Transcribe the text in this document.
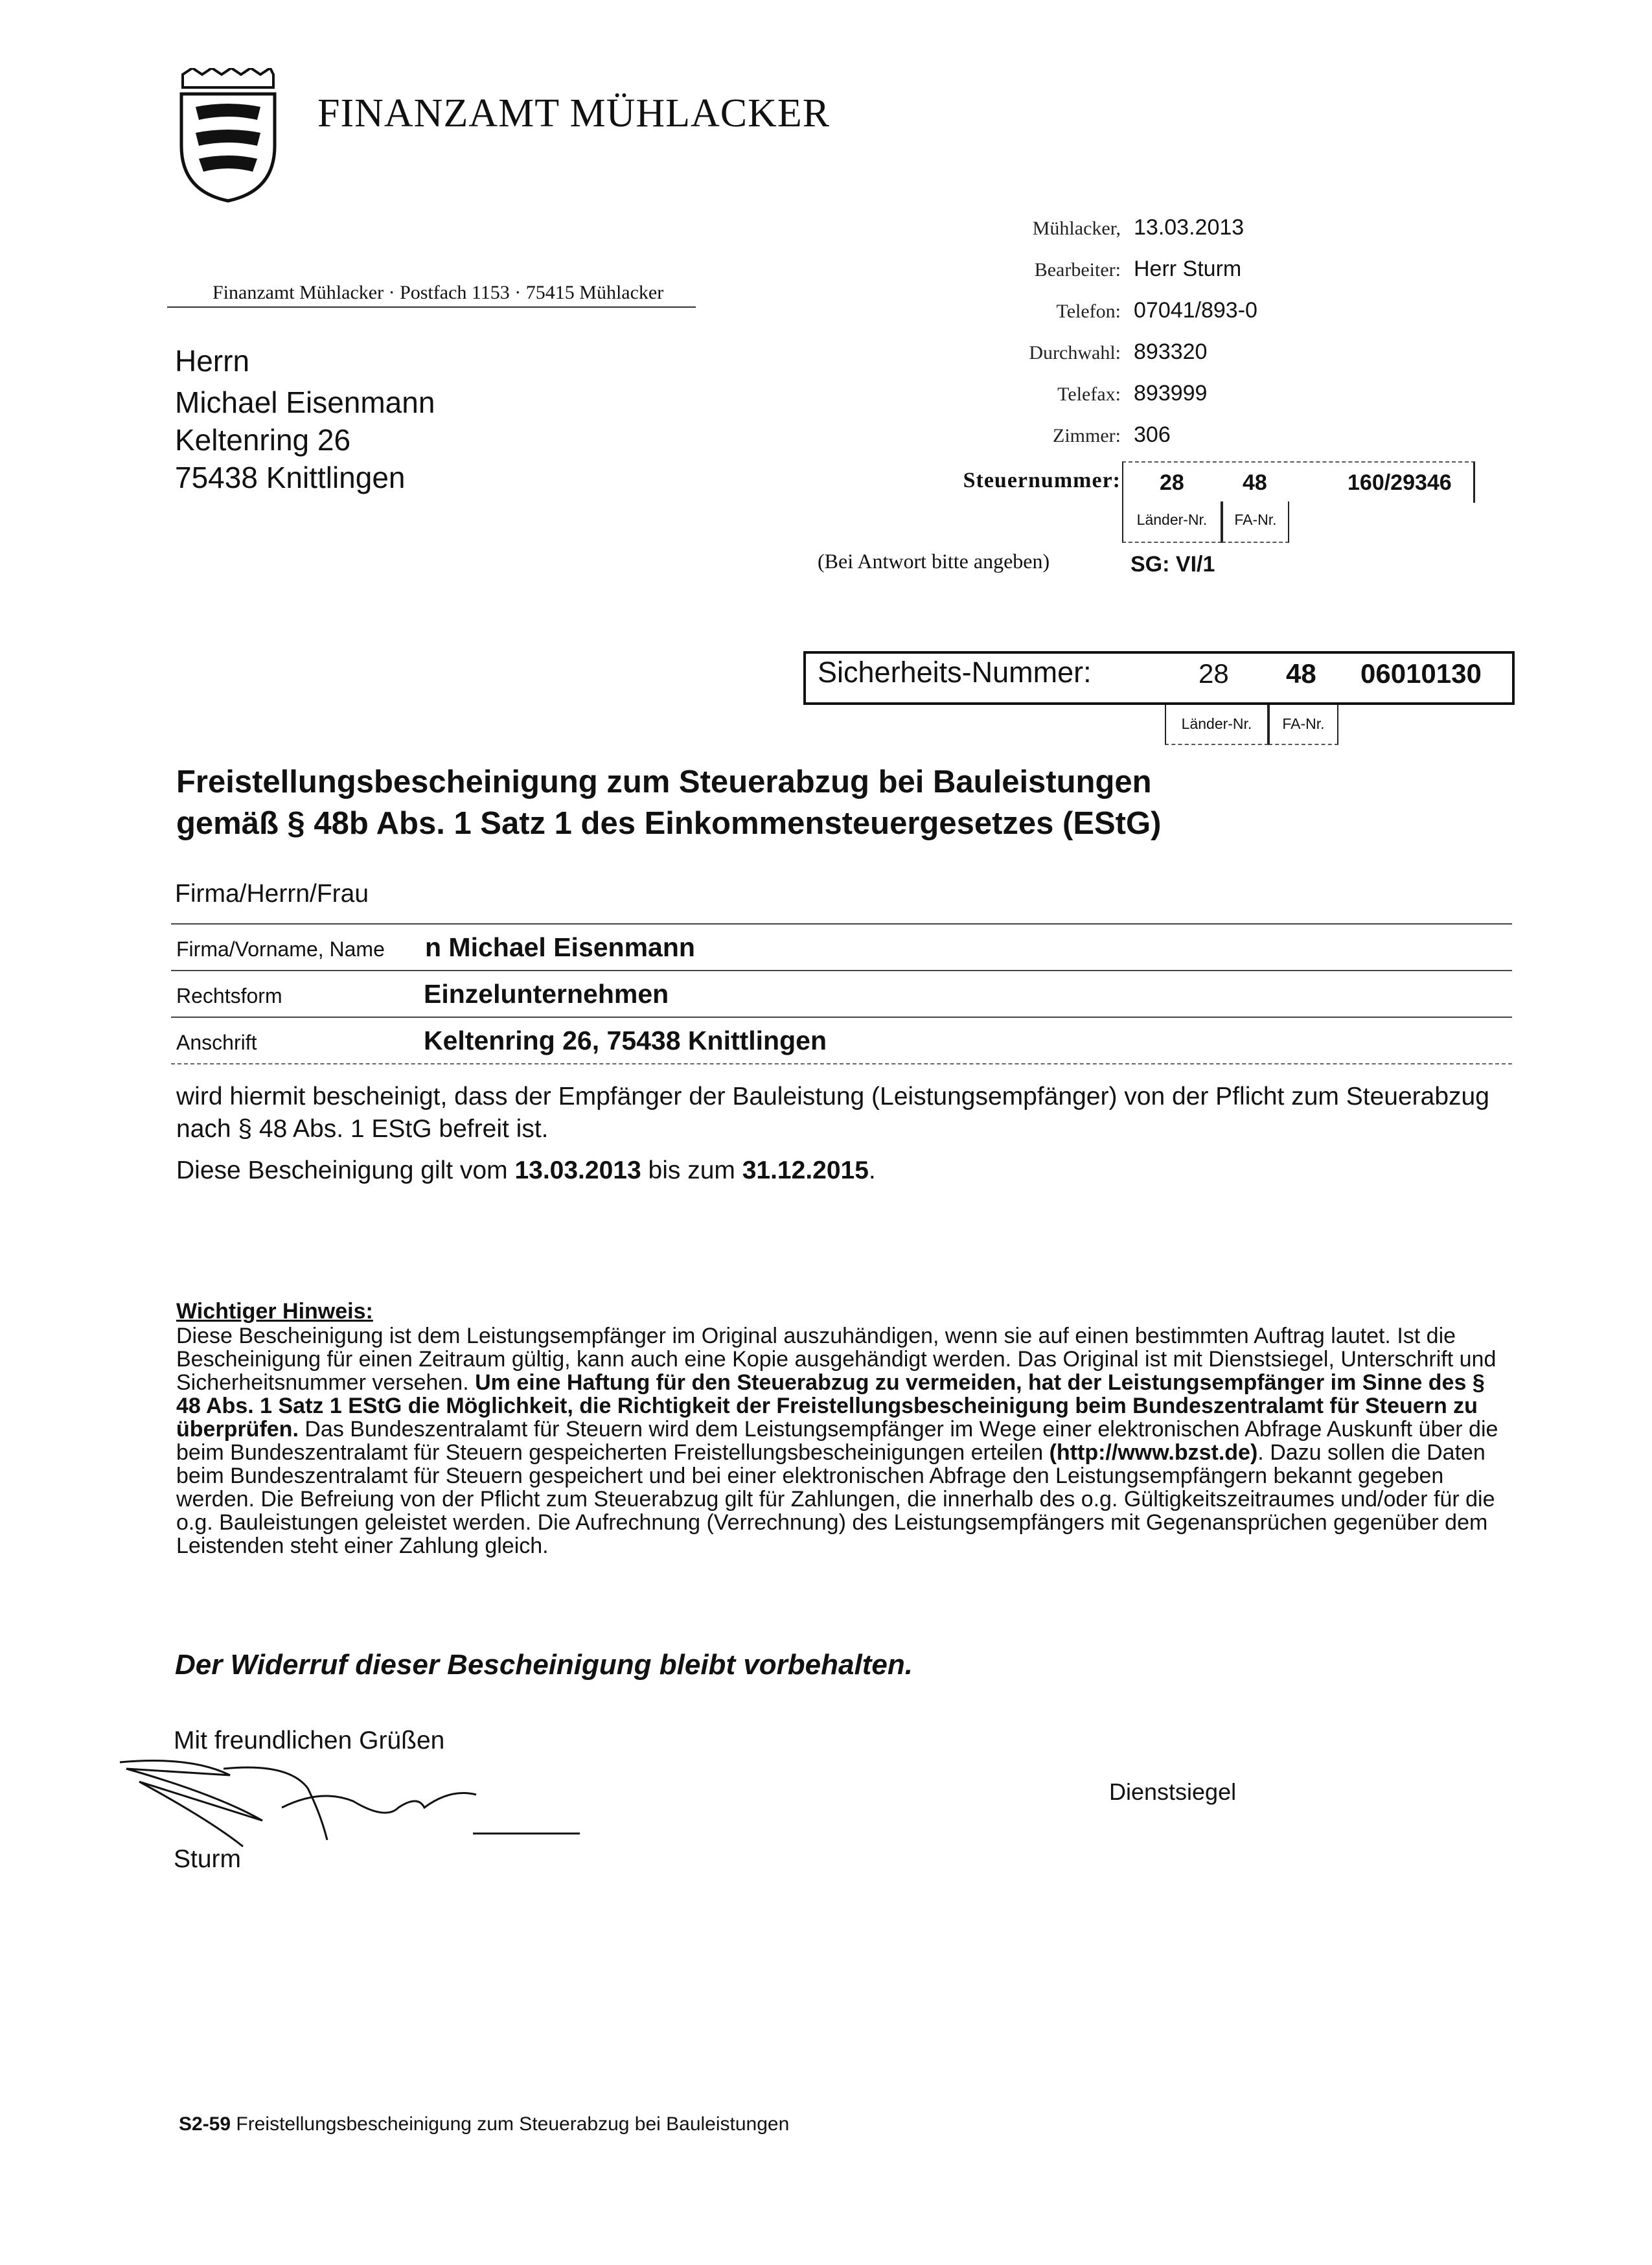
FINANZAMT MÜHLACKER
Finanzamt Mühlacker · Postfach 1153 · 75415 Mühlacker
Herrn
Michael Eisenmann
Keltenring 26
75438 Knittlingen
Mühlacker, 13.03.2013
Bearbeiter: Herr Sturm
Telefon: 07041/893-0
Durchwahl: 893320
Telefax: 893999
Zimmer: 306
Steuernummer: 28	48	160/29346
Länder-Nr.	FA-Nr.
(Bei Antwort bitte angeben)	SG: VI/1
Sicherheits-Nummer:	28 48 06010130
Länder-Nr.	FA-Nr.
Freistellungsbescheinigung zum Steuerabzug bei Bauleistungen
gemäß § 48b Abs. 1 Satz 1 des Einkommensteuergesetzes (EStG)
Firma/Herrn/Frau
Firma/Vorname, Name n Michael Eisenmann
Rechtsform	Einzelunternehmen
Anschrift	Keltenring 26, 75438 Knittlingen
wird hiermit bescheinigt, dass der Empfänger der Bauleistung (Leistungsempfänger) von der Pflicht zum Steuerabzug nach § 48 Abs. 1 EStG befreit ist.
Diese Bescheinigung gilt vom 13.03.2013 bis zum 31.12.2015.
Wichtiger Hinweis:

Diese Bescheinigung ist dem Leistungsempfänger im Original auszuhändigen, wenn sie auf einen bestimmten Auftrag lautet. Ist die Bescheinigung für einen Zeitraum gültig, kann auch eine Kopie ausgehändigt werden. Das Original ist mit Dienstsiegel, Unterschrift und Sicherheitsnummer versehen. Um eine Haftung für den Steuerabzug zu vermeiden, hat der Leistungsempfänger im Sinne des § 48 Abs. 1 Satz 1 EStG die Möglichkeit, die Richtigkeit der Freistellungsbescheinigung beim Bundeszentralamt für Steuern zu überprüfen. Das Bundeszentralamt für Steuern wird dem Leistungsempfänger im Wege einer elektronischen Abfrage Auskunft über die beim Bundeszentralamt für Steuern gespeicherten Freistellungsbescheinigungen erteilen (http://www.bzst.de). Dazu sollen die Daten beim Bundeszentralamt für Steuern gespeichert und bei einer elektronischen Abfrage den Leistungsempfängern bekannt gegeben werden. Die Befreiung von der Pflicht zum Steuerabzug gilt für Zahlungen, die innerhalb des o.g. Gültigkeitszeitraumes und/oder für die o.g. Bauleistungen geleistet werden. Die Aufrechnung (Verrechnung) des Leistungsempfängers mit Gegenansprüchen gegenüber dem Leistenden steht einer Zahlung gleich.

Der Widerruf dieser Bescheinigung bleibt vorbehalten.
Mit freundlichen Grüßen
Sturm
Dienstsiegel
S2-59 Freistellungsbescheinigung zum Steuerabzug bei Bauleistungen
